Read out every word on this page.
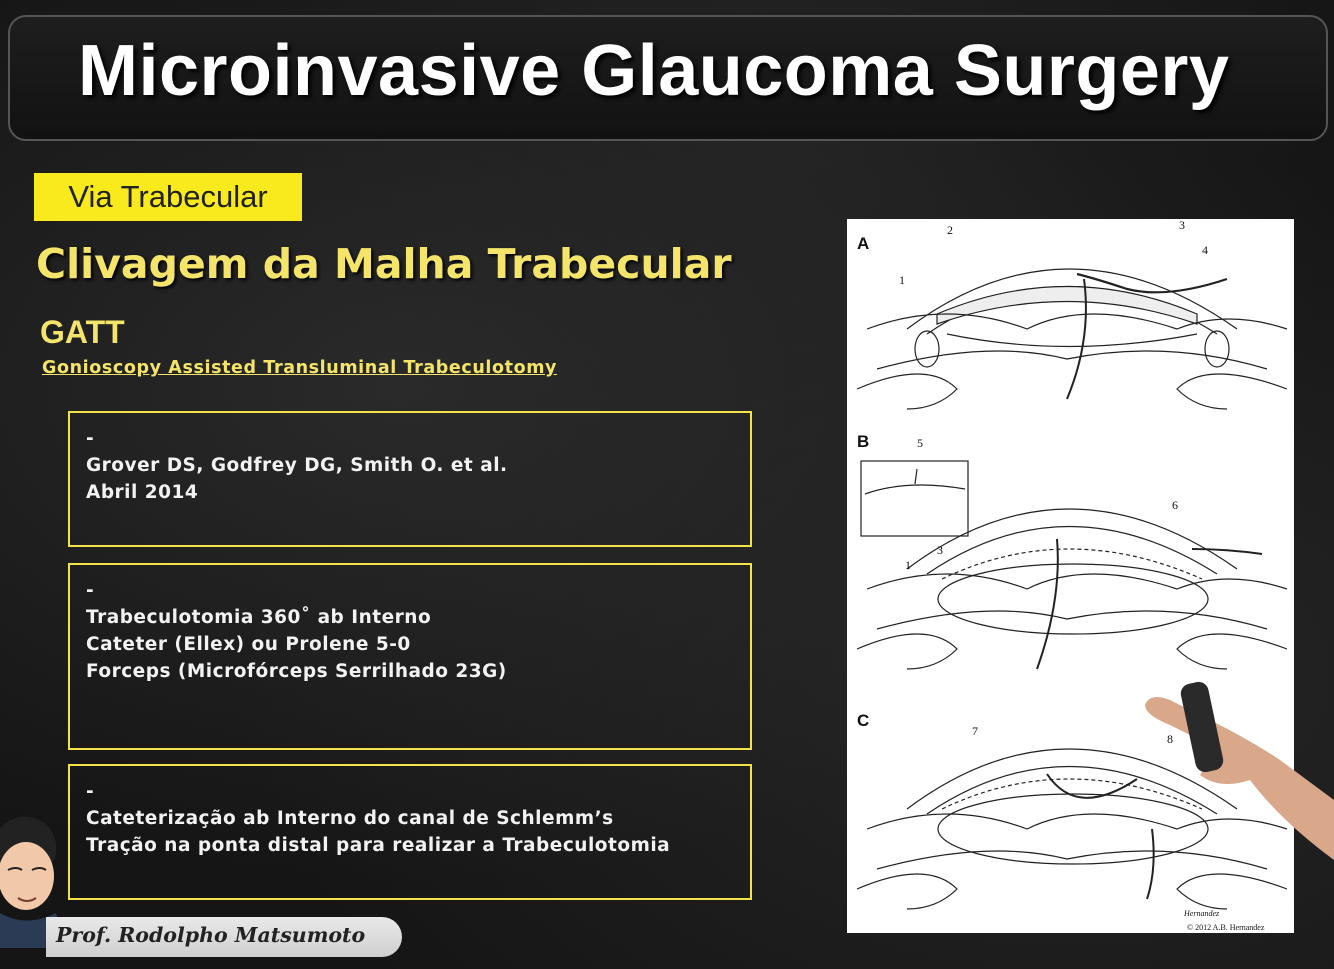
Microinvasive Glaucoma Surgery
Via Trabecular
Clivagem da Malha Trabecular
GATT
Gonioscopy Assisted Transluminal Trabeculotomy
-
Grover DS, Godfrey DG, Smith O. et al.
Abril 2014
-
Trabeculotomia 360˚ ab Interno
Cateter (Ellex) ou Prolene 5-0
Forceps (Microfórceps Serrilhado 23G)
-
Cateterização ab Interno do canal de Schlemm’s
Tração na ponta distal para realizar a Trabeculotomia
A
1
2	3
4
B	5
6
3
1
C
7
8
Hernandez
© 2012 A.B. Hernandez
Prof. Rodolpho Matsumoto
